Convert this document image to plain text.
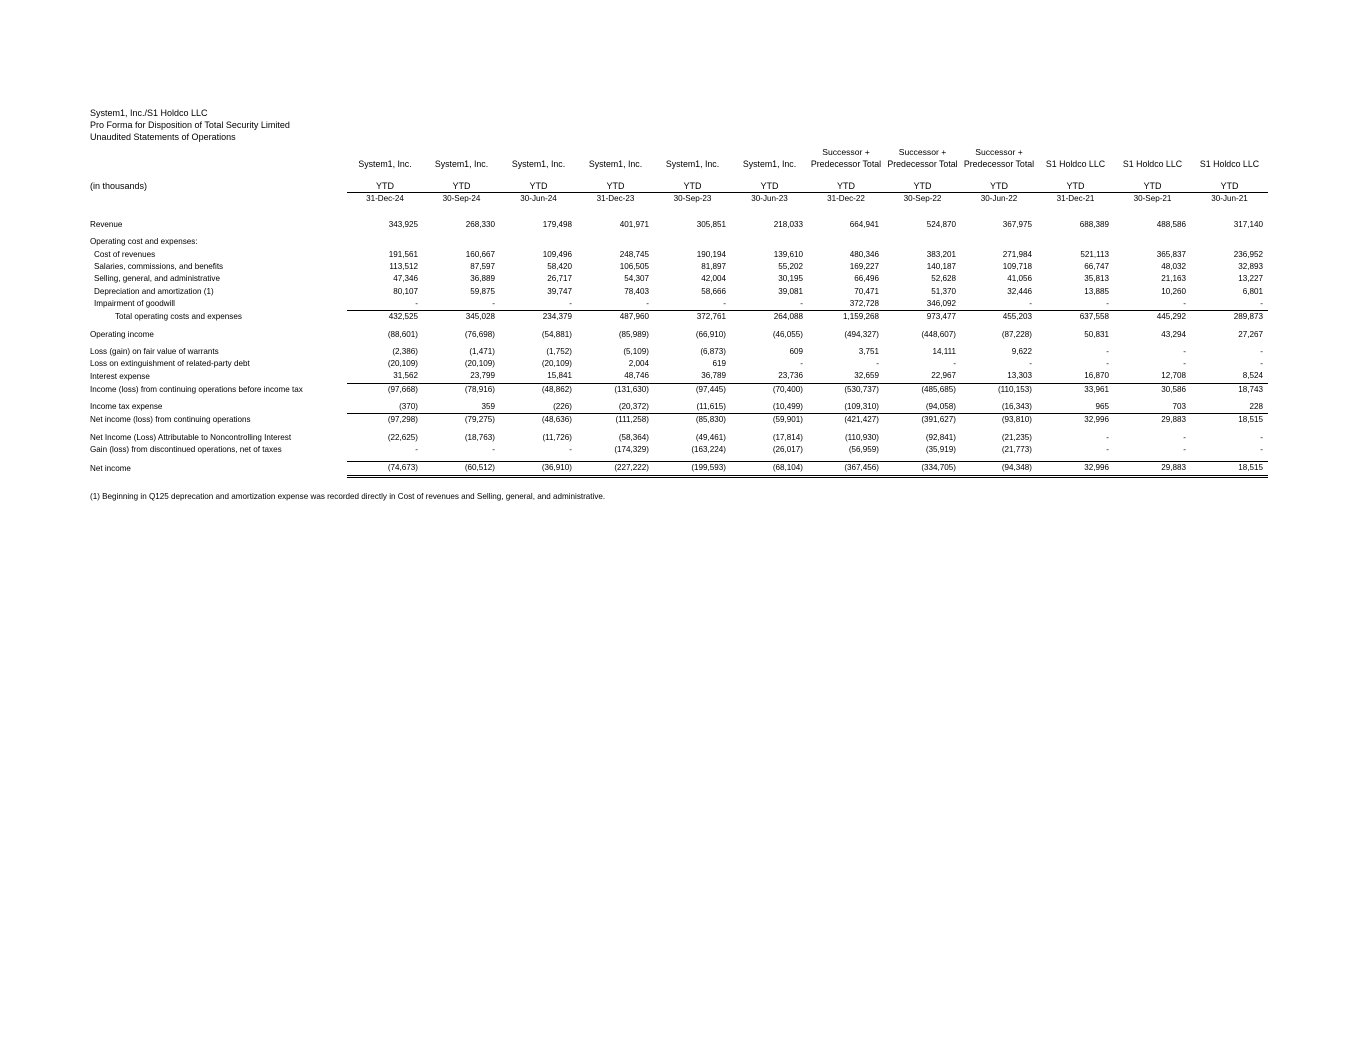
System1, Inc./S1 Holdco LLC
Pro Forma for Disposition of Total Security Limited
Unaudited Statements of Operations
							Successor +	Successor +	Successor +			
	System1, Inc.	System1, Inc.	System1, Inc.	System1, Inc.	System1, Inc.	System1, Inc.	Predecessor Total	Predecessor Total	Predecessor Total	S1 Holdco LLC	S1 Holdco LLC	S1 Holdco LLC

(in thousands)	YTD	YTD	YTD	YTD	YTD	YTD	YTD	YTD	YTD	YTD	YTD	YTD
	31-Dec-24	30-Sep-24	30-Jun-24	31-Dec-23	30-Sep-23	30-Jun-23	31-Dec-22	30-Sep-22	30-Jun-22	31-Dec-21	30-Sep-21	30-Jun-21

Revenue	343,925	268,330	179,498	401,971	305,851	218,033	664,941	524,870	367,975	688,389	488,586	317,140

Operating cost and expenses:												
Cost of revenues	191,561	160,667	109,496	248,745	190,194	139,610	480,346	383,201	271,984	521,113	365,837	236,952
Salaries, commissions, and benefits	113,512	87,597	58,420	106,505	81,897	55,202	169,227	140,187	109,718	66,747	48,032	32,893
Selling, general, and administrative	47,346	36,889	26,717	54,307	42,004	30,195	66,496	52,628	41,056	35,813	21,163	13,227
Depreciation and amortization (1)	80,107	59,875	39,747	78,403	58,666	39,081	70,471	51,370	32,446	13,885	10,260	6,801
Impairment of goodwill	-	-	-	-	-	-	372,728	346,092	-	-	-	-
Total operating costs and expenses	432,525	345,028	234,379	487,960	372,761	264,088	1,159,268	973,477	455,203	637,558	445,292	289,873

Operating income	(88,601)	(76,698)	(54,881)	(85,989)	(66,910)	(46,055)	(494,327)	(448,607)	(87,228)	50,831	43,294	27,267

Loss (gain) on fair value of warrants	(2,386)	(1,471)	(1,752)	(5,109)	(6,873)	609	3,751	14,111	9,622	-	-	-
Loss on extinguishment of related-party debt	(20,109)	(20,109)	(20,109)	2,004	619	-	-	-	-	-	-	-
Interest expense	31,562	23,799	15,841	48,746	36,789	23,736	32,659	22,967	13,303	16,870	12,708	8,524
Income (loss) from continuing operations before income tax	(97,668)	(78,916)	(48,862)	(131,630)	(97,445)	(70,400)	(530,737)	(485,685)	(110,153)	33,961	30,586	18,743

Income tax expense	(370)	359	(226)	(20,372)	(11,615)	(10,499)	(109,310)	(94,058)	(16,343)	965	703	228
Net income (loss) from continuing operations	(97,298)	(79,275)	(48,636)	(111,258)	(85,830)	(59,901)	(421,427)	(391,627)	(93,810)	32,996	29,883	18,515

Net Income (Loss) Attributable to Noncontrolling Interest	(22,625)	(18,763)	(11,726)	(58,364)	(49,461)	(17,814)	(110,930)	(92,841)	(21,235)	-	-	-
Gain (loss) from discontinued operations, net of taxes	-	-	-	(174,329)	(163,224)	(26,017)	(56,959)	(35,919)	(21,773)	-	-	-

Net income	(74,673)	(60,512)	(36,910)	(227,222)	(199,593)	(68,104)	(367,456)	(334,705)	(94,348)	32,996	29,883	18,515
(1) Beginning in Q125 deprecation and amortization expense was recorded directly in Cost of revenues and Selling, general, and administrative.
